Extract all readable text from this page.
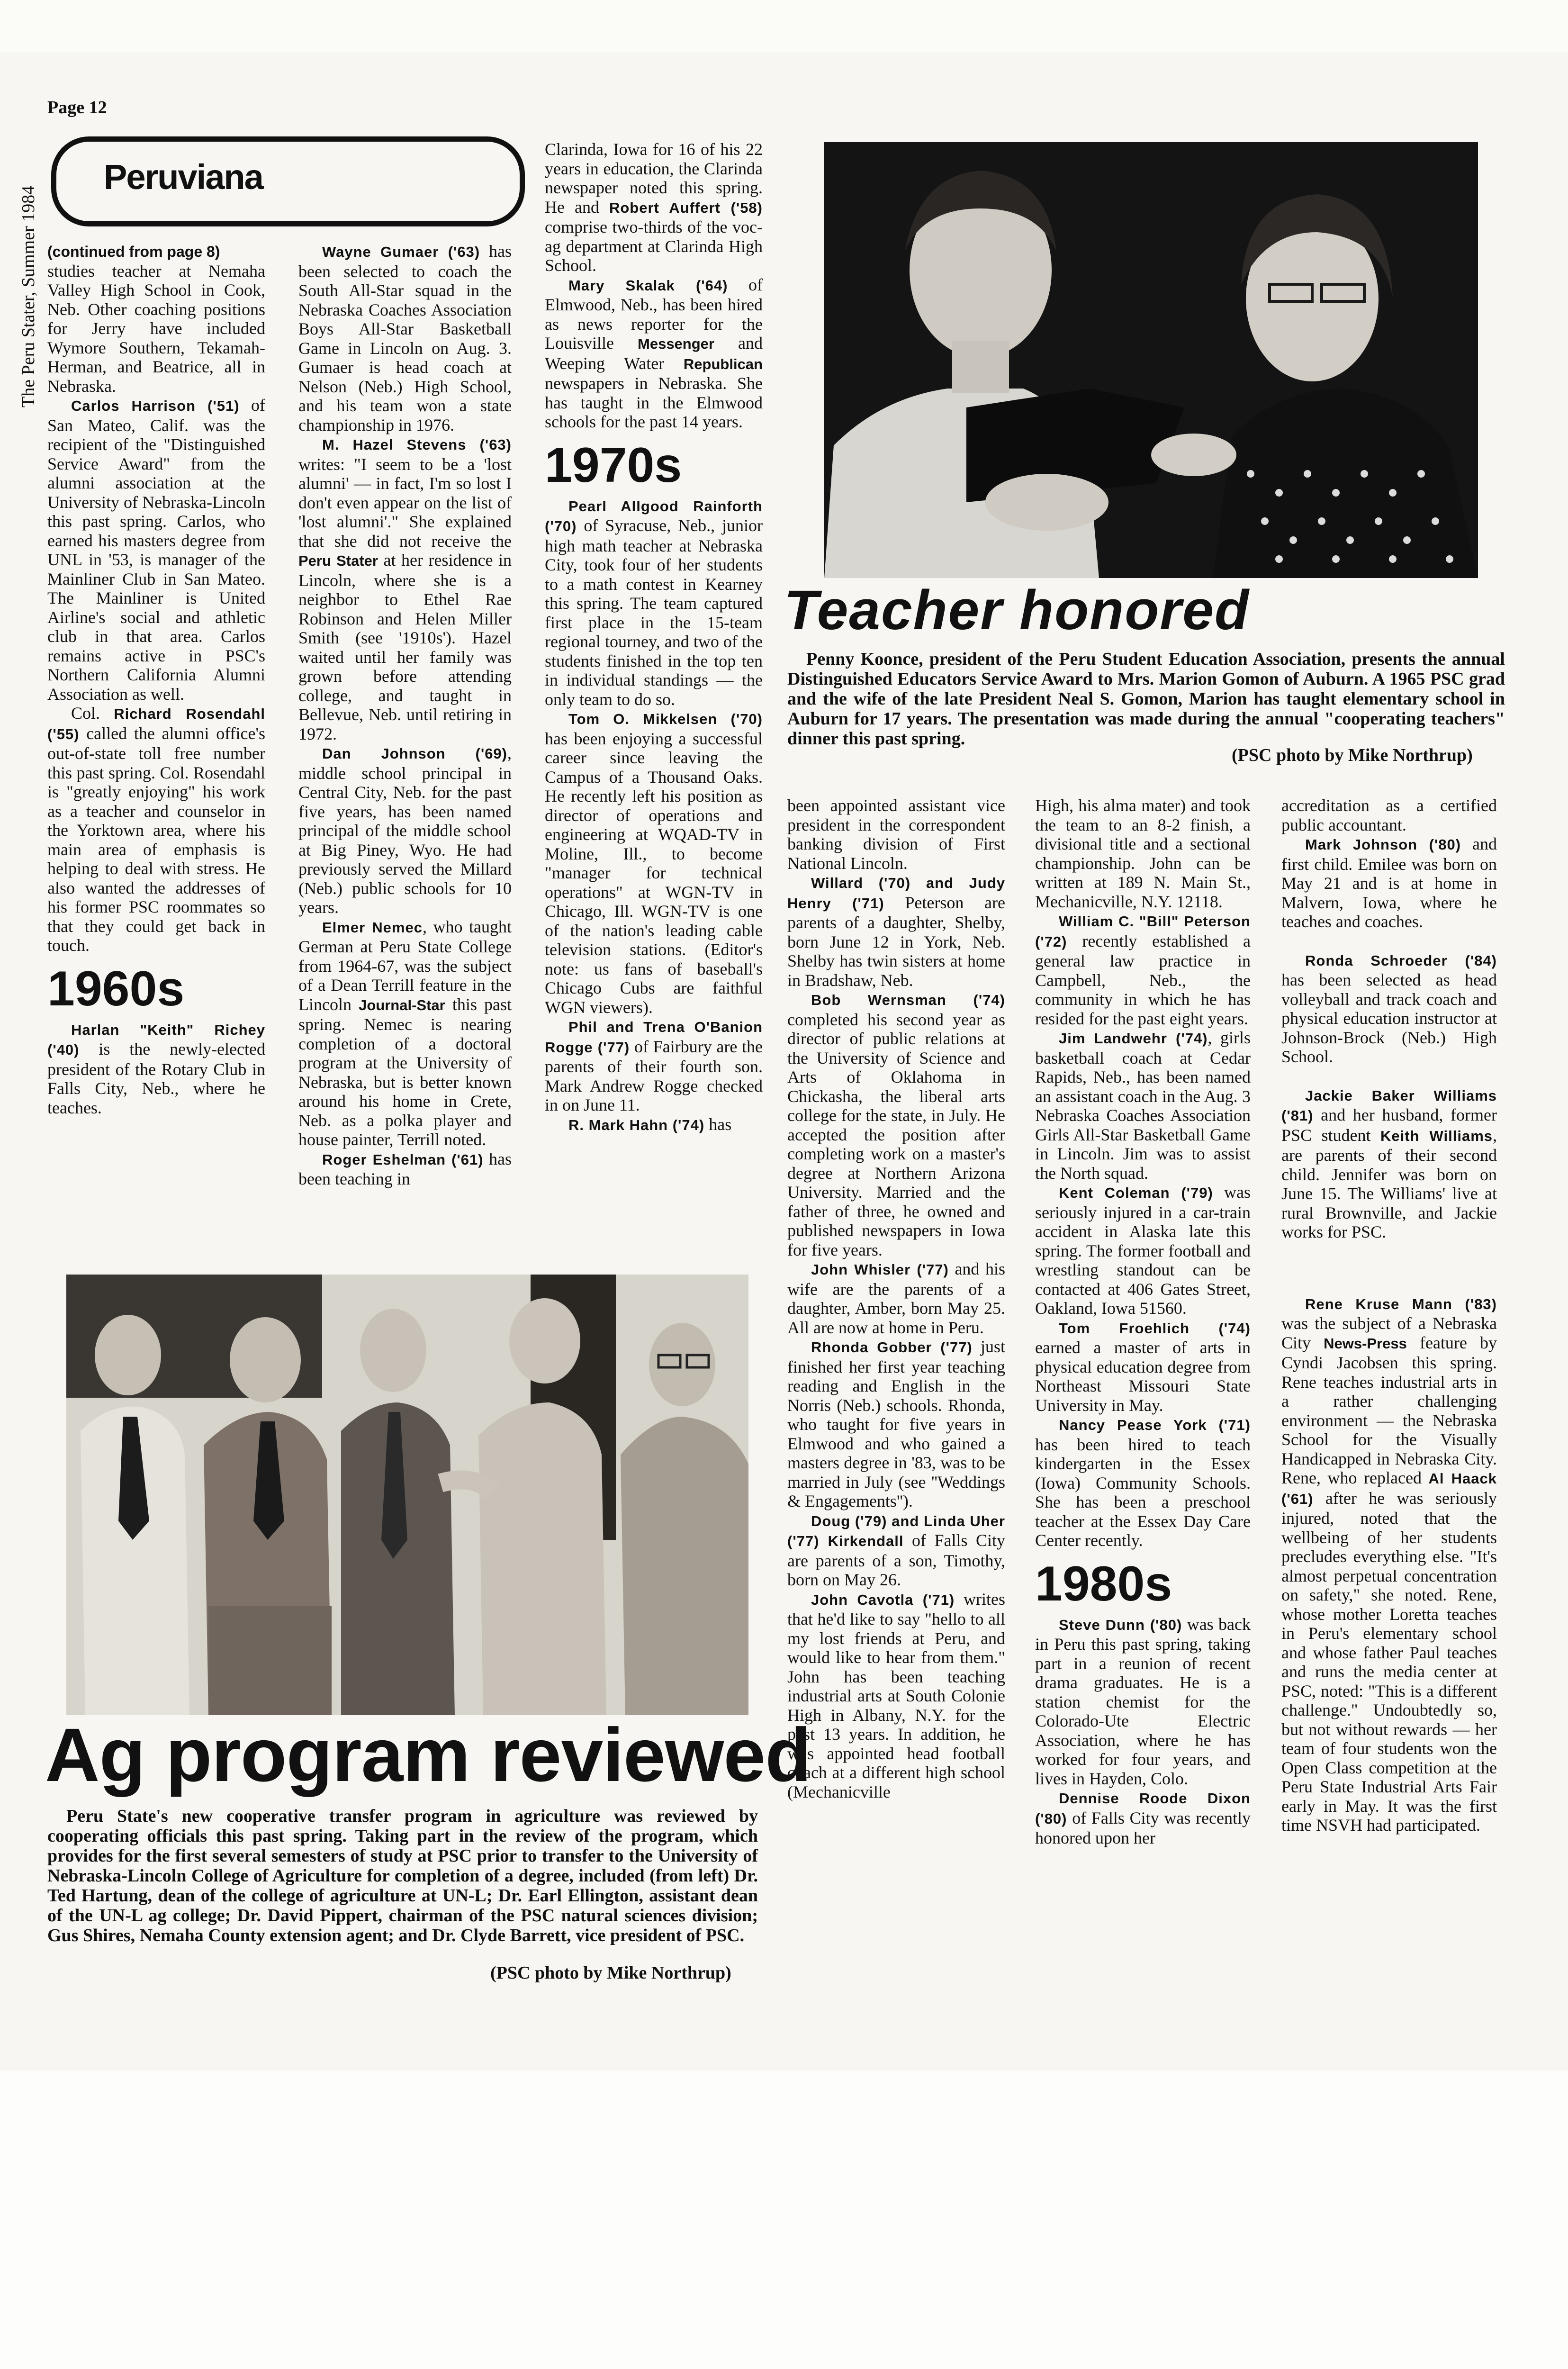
Page 12
The Peru Stater, Summer 1984
Peruviana

(continued from page 8)

studies teacher at Nemaha Valley High School in Cook, Neb. Other coaching positions for Jerry have included Wymore Southern, Tekamah-Herman, and Beatrice, all in Nebraska.

Carlos Harrison ('51) of San Mateo, Calif. was the recipient of the "Distinguished Service Award" from the alumni association at the University of Nebraska-Lincoln this past spring. Carlos, who earned his masters degree from UNL in '53, is manager of the Mainliner Club in San Mateo. The Mainliner is United Airline's social and athletic club in that area. Carlos remains active in PSC's Northern California Alumni Association as well.

Col. Richard Rosendahl ('55) called the alumni office's out-of-state toll free number this past spring. Col. Rosendahl is "greatly enjoying" his work as a teacher and counselor in the Yorktown area, where his main area of emphasis is helping to deal with stress. He also wanted the addresses of his former PSC roommates so that they could get back in touch.

1960s

Harlan "Keith" Richey ('40) is the newly-elected president of the Rotary Club in Falls City, Neb., where he teaches.

Wayne Gumaer ('63) has been selected to coach the South All-Star squad in the Nebraska Coaches Association Boys All-Star Basketball Game in Lincoln on Aug. 3. Gumaer is head coach at Nelson (Neb.) High School, and his team won a state championship in 1976.

M. Hazel Stevens ('63) writes: "I seem to be a 'lost alumni' — in fact, I'm so lost I don't even appear on the list of 'lost alumni'." She explained that she did not receive the Peru Stater at her residence in Lincoln, where she is a neighbor to Ethel Rae Robinson and Helen Miller Smith (see '1910s'). Hazel waited until her family was grown before attending college, and taught in Bellevue, Neb. until retiring in 1972.

Dan Johnson ('69), middle school principal in Central City, Neb. for the past five years, has been named principal of the middle school at Big Piney, Wyo. He had previously served the Millard (Neb.) public schools for 10 years.

Elmer Nemec, who taught German at Peru State College from 1964-67, was the subject of a Dean Terrill feature in the Lincoln Journal-Star this past spring. Nemec is nearing completion of a doctoral program at the University of Nebraska, but is better known around his home in Crete, Neb. as a polka player and house painter, Terrill noted.

Roger Eshelman ('61) has been teaching in

Clarinda, Iowa for 16 of his 22 years in education, the Clarinda newspaper noted this spring. He and Robert Auffert ('58) comprise two-thirds of the voc-ag department at Clarinda High School.

Mary Skalak ('64) of Elmwood, Neb., has been hired as news reporter for the Louisville Messenger and Weeping Water Republican newspapers in Nebraska. She has taught in the Elmwood schools for the past 14 years.

1970s

Pearl Allgood Rainforth ('70) of Syracuse, Neb., junior high math teacher at Nebraska City, took four of her students to a math contest in Kearney this spring. The team captured first place in the 15-team regional tourney, and two of the students finished in the top ten in individual standings — the only team to do so.

Tom O. Mikkelsen ('70) has been enjoying a successful career since leaving the Campus of a Thousand Oaks. He recently left his position as director of operations and engineering at WQAD-TV in Moline, Ill., to become "manager for technical operations" at WGN-TV in Chicago, Ill. WGN-TV is one of the nation's leading cable television stations. (Editor's note: us fans of baseball's Chicago Cubs are faithful WGN viewers).

Phil and Trena O'Banion Rogge ('77) of Fairbury are the parents of their fourth son. Mark Andrew Rogge checked in on June 11.

R. Mark Hahn ('74) has

Teacher honored
Penny Koonce, president of the Peru Student Education Association, presents the annual Distinguished Educators Service Award to Mrs. Marion Gomon of Auburn. A 1965 PSC grad and the wife of the late President Neal S. Gomon, Marion has taught elementary school in Auburn for 17 years. The presentation was made during the annual "cooperating teachers" dinner this past spring.
(PSC photo by Mike Northrup)

been appointed assistant vice president in the correspondent banking division of First National Lincoln.

Willard ('70) and Judy Henry ('71) Peterson are parents of a daughter, Shelby, born June 12 in York, Neb. Shelby has twin sisters at home in Bradshaw, Neb.

Bob Wernsman ('74) completed his second year as director of public relations at the University of Science and Arts of Oklahoma in Chickasha, the liberal arts college for the state, in July. He accepted the position after completing work on a master's degree at Northern Arizona University. Married and the father of three, he owned and published newspapers in Iowa for five years.

John Whisler ('77) and his wife are the parents of a daughter, Amber, born May 25. All are now at home in Peru.

Rhonda Gobber ('77) just finished her first year teaching reading and English in the Norris (Neb.) schools. Rhonda, who taught for five years in Elmwood and who gained a masters degree in '83, was to be married in July (see ''Weddings & Engagements'').

Doug ('79) and Linda Uher ('77) Kirkendall of Falls City are parents of a son, Timothy, born on May 26.

John Cavotla ('71) writes that he'd like to say "hello to all my lost friends at Peru, and would like to hear from them." John has been teaching industrial arts at South Colonie High in Albany, N.Y. for the past 13 years. In addition, he was appointed head football coach at a different high school (Mechanicville

High, his alma mater) and took the team to an 8-2 finish, a divisional title and a sectional championship. John can be written at 189 N. Main St., Mechanicville, N.Y. 12118.

William C. "Bill" Peterson ('72) recently established a general law practice in Campbell, Neb., the community in which he has resided for the past eight years.

Jim Landwehr ('74), girls basketball coach at Cedar Rapids, Neb., has been named an assistant coach in the Aug. 3 Nebraska Coaches Association Girls All-Star Basketball Game in Lincoln. Jim was to assist the North squad.

Kent Coleman ('79) was seriously injured in a car-train accident in Alaska late this spring. The former football and wrestling standout can be contacted at 406 Gates Street, Oakland, Iowa 51560.

Tom Froehlich ('74) earned a master of arts in physical education degree from Northeast Missouri State University in May.

Nancy Pease York ('71) has been hired to teach kindergarten in the Essex (Iowa) Community Schools. She has been a preschool teacher at the Essex Day Care Center recently.

1980s

Steve Dunn ('80) was back in Peru this past spring, taking part in a reunion of recent drama graduates. He is a station chemist for the Colorado-Ute Electric Association, where he has worked for four years, and lives in Hayden, Colo.

Dennise Roode Dixon ('80) of Falls City was recently honored upon her

accreditation as a certified public accountant.

Mark Johnson ('80) and first child. Emilee was born on May 21 and is at home in Malvern, Iowa, where he teaches and coaches.

Ronda Schroeder ('84) has been selected as head volleyball and track coach and physical education instructor at Johnson-Brock (Neb.) High School.

Jackie Baker Williams ('81) and her husband, former PSC student Keith Williams, are parents of their second child. Jennifer was born on June 15. The Williams' live at rural Brownville, and Jackie works for PSC.

Rene Kruse Mann ('83) was the subject of a Nebraska City News-Press feature by Cyndi Jacobsen this spring. Rene teaches industrial arts in a rather challenging environment — the Nebraska School for the Visually Handicapped in Nebraska City. Rene, who replaced Al Haack ('61) after he was seriously injured, noted that the wellbeing of her students precludes everything else. "It's almost perpetual concentration on safety," she noted. Rene, whose mother Loretta teaches in Peru's elementary school and whose father Paul teaches and runs the media center at PSC, noted: "This is a different challenge." Undoubtedly so, but not without rewards — her team of four students won the Open Class competition at the Peru State Industrial Arts Fair early in May. It was the first time NSVH had participated.

Ag program reviewed
Peru State's new cooperative transfer program in agriculture was reviewed by cooperating officials this past spring. Taking part in the review of the program, which provides for the first several semesters of study at PSC prior to transfer to the University of Nebraska-Lincoln College of Agriculture for completion of a degree, included (from left) Dr. Ted Hartung, dean of the college of agriculture at UN-L; Dr. Earl Ellington, assistant dean of the UN-L ag college; Dr. David Pippert, chairman of the PSC natural sciences division; Gus Shires, Nemaha County extension agent; and Dr. Clyde Barrett, vice president of PSC.
(PSC photo by Mike Northrup)
